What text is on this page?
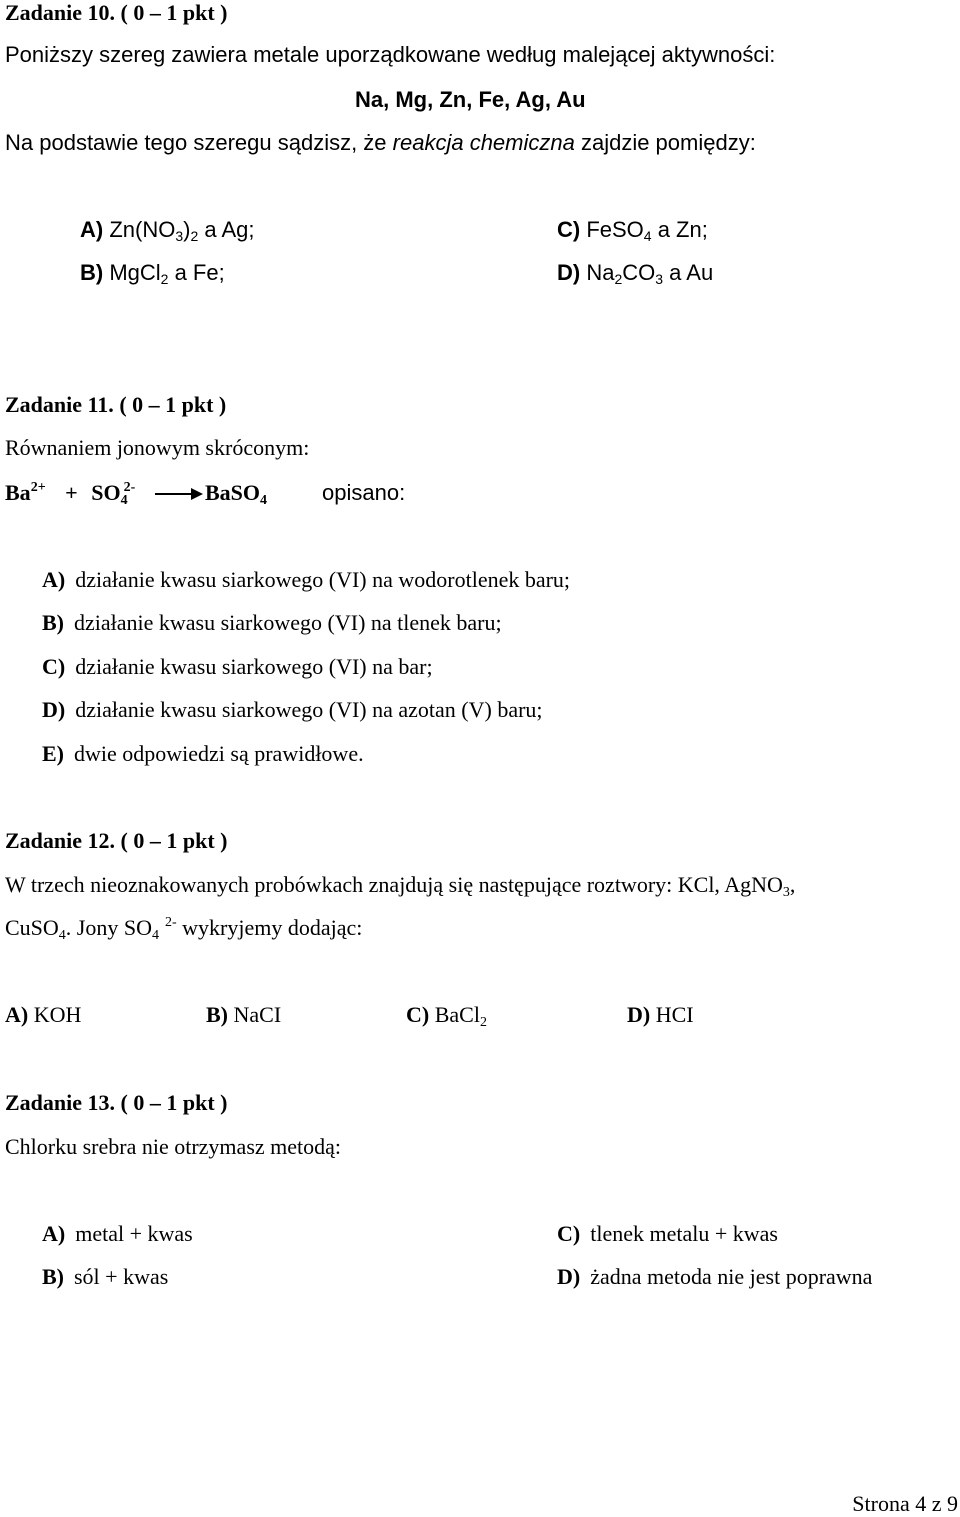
Zadanie 10. ( 0 – 1 pkt )
Poniższy szereg zawiera metale uporządkowane według malejącej aktywności:
Na, Mg, Zn, Fe, Ag, Au
Na podstawie tego szeregu sądzisz, że reakcja chemiczna zajdzie pomiędzy:
A) $Zn(NO_3)_2$ a Ag;
B) MgCl$_2$ a Fe;
C) FeSO$_4$ a Zn;
D) $Na_2CO_3$ a Au
Zadanie 11. ( 0 – 1 pkt )
Równaniem jonowym skróconym:
$Ba^{2+} + SO_4^{2-}$ → BaSO$_4$ opisano:
A) działanie kwasu siarkowego (VI) na wodorotlenek baru;
B) działanie kwasu siarkowego (VI) na tlenek baru;
C) działanie kwasu siarkowego (VI) na bar;
D) działanie kwasu siarkowego (VI) na azotan (V) baru;
E) dwie odpowiedzi są prawidłowe.
Zadanie 12. ( 0 – 1 pkt )
W trzech nieoznakowanych probówkach znajdują się następujące roztwory: KCl, AgNO$_3$,
CuSO$_4$. Jony $SO_4^{2-}$ wykryjemy dodając:
A) KOH	B) NaCI	C) BaCl$_2$	D) HCI
Zadanie 13. ( 0 – 1 pkt )
Chlorku srebra nie otrzymasz metodą:
A) metal + kwas
B) sól + kwas
C) tlenek metalu + kwas
D) żadna metoda nie jest poprawna
Strona 4 z 9
